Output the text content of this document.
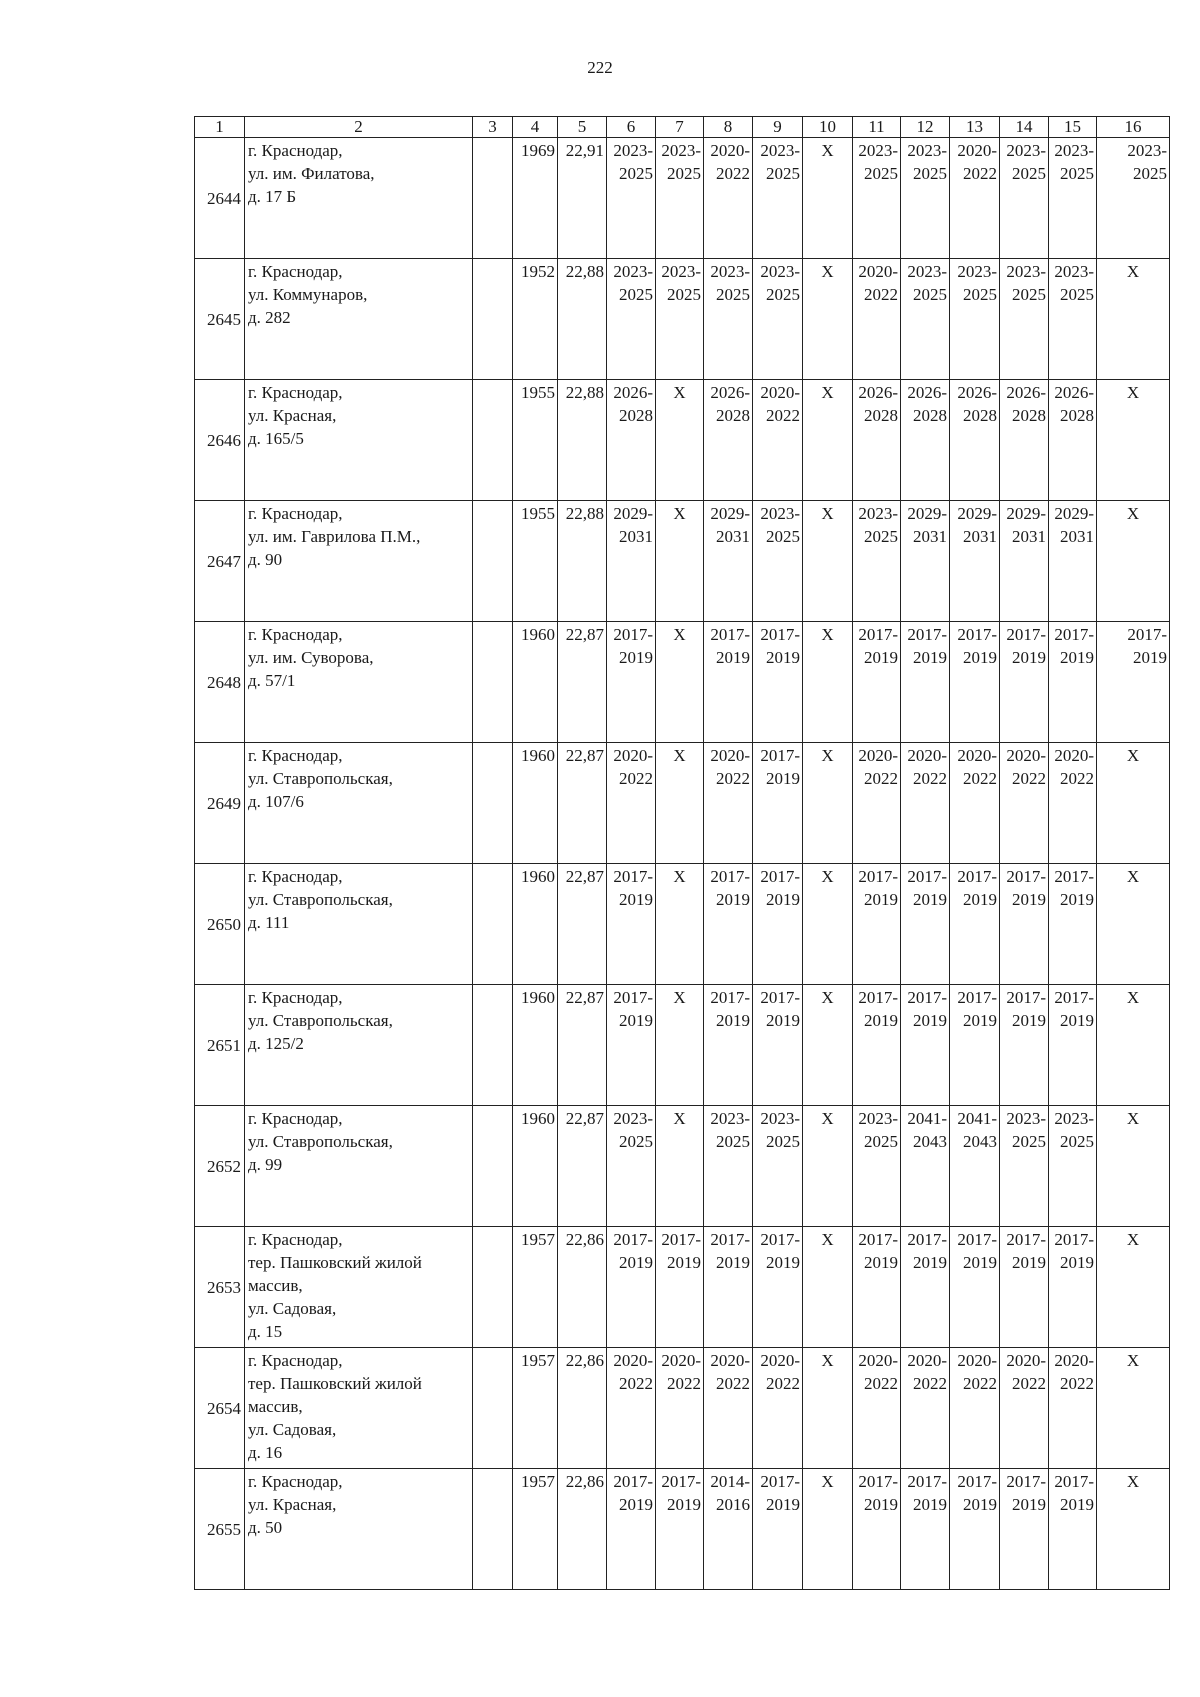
222
1	2	3	4	5	6	7	8	9	10	11	12	13	14	15	16
2644	г. Краснодар,
ул. им. Филатова,
д. 17 Б		1969	22,91	2023-
2025	2023-
2025	2020-
2022	2023-
2025	X	2023-
2025	2023-
2025	2020-
2022	2023-
2025	2023-
2025	2023-
2025

2645	г. Краснодар,
ул. Коммунаров,
д. 282		1952	22,88	2023-
2025	2023-
2025	2023-
2025	2023-
2025	X	2020-
2022	2023-
2025	2023-
2025	2023-
2025	2023-
2025	X

2646	г. Краснодар,
ул. Красная,
д. 165/5		1955	22,88	2026-
2028	X	2026-
2028	2020-
2022	X	2026-
2028	2026-
2028	2026-
2028	2026-
2028	2026-
2028	X

2647	г. Краснодар,
ул. им. Гаврилова П.М.,
д. 90		1955	22,88	2029-
2031	X	2029-
2031	2023-
2025	X	2023-
2025	2029-
2031	2029-
2031	2029-
2031	2029-
2031	X

2648	г. Краснодар,
ул. им. Суворова,
д. 57/1		1960	22,87	2017-
2019	X	2017-
2019	2017-
2019	X	2017-
2019	2017-
2019	2017-
2019	2017-
2019	2017-
2019	2017-
2019

2649	г. Краснодар,
ул. Ставропольская,
д. 107/6		1960	22,87	2020-
2022	X	2020-
2022	2017-
2019	X	2020-
2022	2020-
2022	2020-
2022	2020-
2022	2020-
2022	X

2650	г. Краснодар,
ул. Ставропольская,
д. 111		1960	22,87	2017-
2019	X	2017-
2019	2017-
2019	X	2017-
2019	2017-
2019	2017-
2019	2017-
2019	2017-
2019	X

2651	г. Краснодар,
ул. Ставропольская,
д. 125/2		1960	22,87	2017-
2019	X	2017-
2019	2017-
2019	X	2017-
2019	2017-
2019	2017-
2019	2017-
2019	2017-
2019	X

2652	г. Краснодар,
ул. Ставропольская,
д. 99		1960	22,87	2023-
2025	X	2023-
2025	2023-
2025	X	2023-
2025	2041-
2043	2041-
2043	2023-
2025	2023-
2025	X

2653	г. Краснодар,
тер. Пашковский жилой
массив,
ул. Садовая,
д. 15		1957	22,86	2017-
2019	2017-
2019	2017-
2019	2017-
2019	X	2017-
2019	2017-
2019	2017-
2019	2017-
2019	2017-
2019	X

2654	г. Краснодар,
тер. Пашковский жилой
массив,
ул. Садовая,
д. 16		1957	22,86	2020-
2022	2020-
2022	2020-
2022	2020-
2022	X	2020-
2022	2020-
2022	2020-
2022	2020-
2022	2020-
2022	X

2655	г. Краснодар,
ул. Красная,
д. 50		1957	22,86	2017-
2019	2017-
2019	2014-
2016	2017-
2019	X	2017-
2019	2017-
2019	2017-
2019	2017-
2019	2017-
2019	X
